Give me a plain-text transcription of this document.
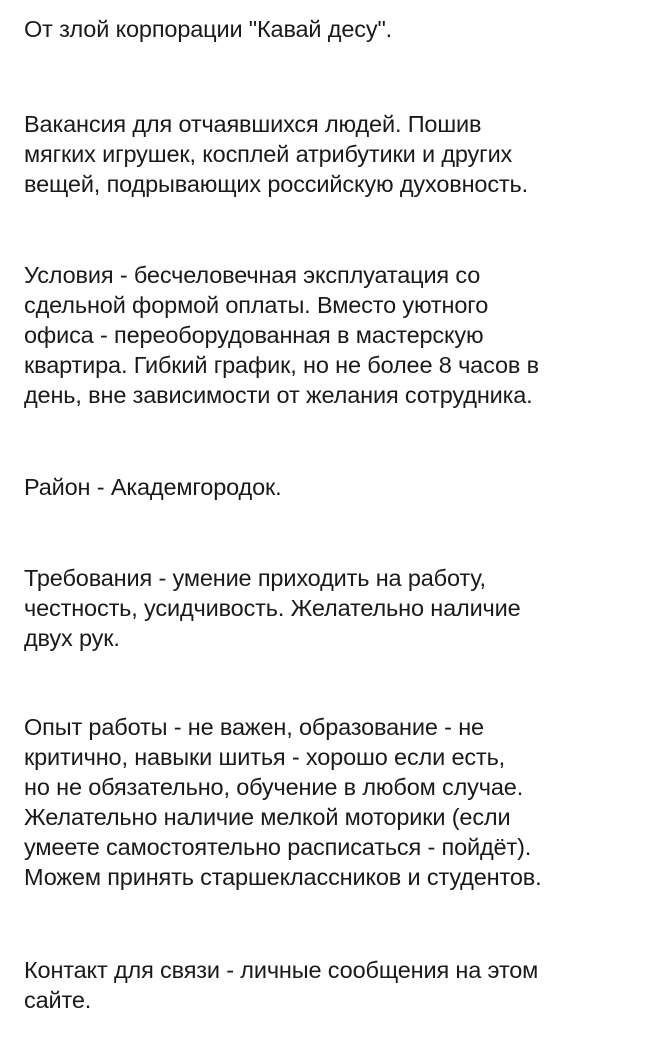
От злой корпорации "Кавай десу".
Вакансия для отчаявшихся людей. Пошив
мягких игрушек, косплей атрибутики и других
вещей, подрывающих российскую духовность.
Условия - бесчеловечная эксплуатация со
сдельной формой оплаты. Вместо уютного
офиса - переоборудованная в мастерскую
квартира. Гибкий график, но не более 8 часов в
день, вне зависимости от желания сотрудника.
Район - Академгородок.
Требования - умение приходить на работу,
честность, усидчивость. Желательно наличие
двух рук.
Опыт работы - не важен, образование - не
критично, навыки шитья - хорошо если есть,
но не обязательно, обучение в любом случае.
Желательно наличие мелкой моторики (если
умеете самостоятельно расписаться - пойдёт).
Можем принять старшеклассников и студентов.
Контакт для связи - личные сообщения на этом
сайте.
